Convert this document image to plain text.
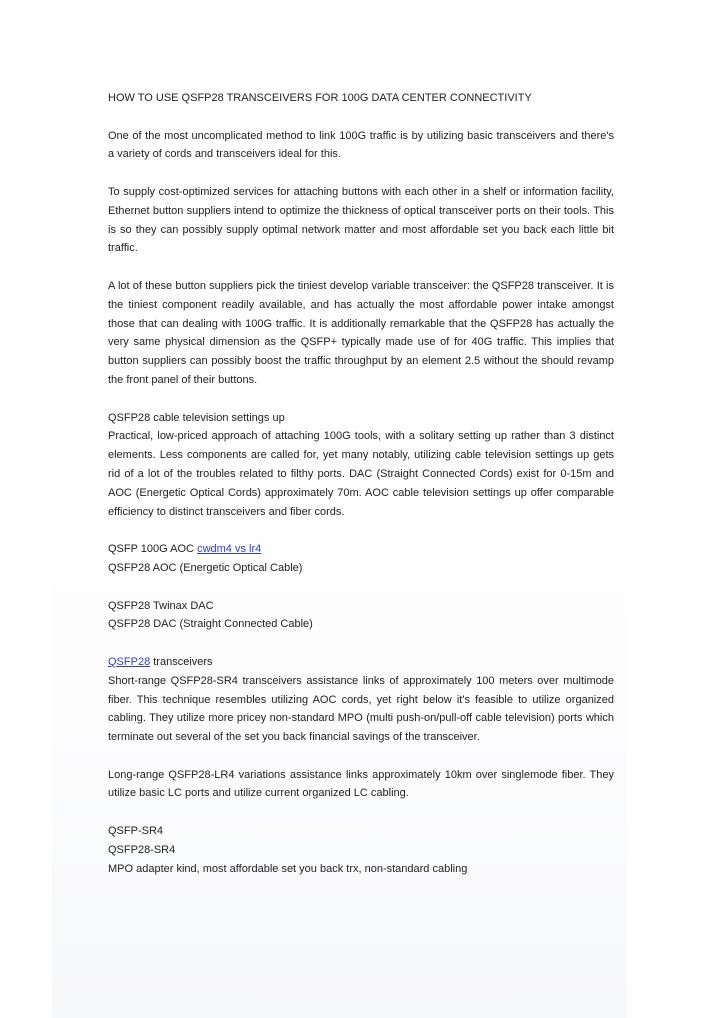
HOW TO USE QSFP28 TRANSCEIVERS FOR 100G DATA CENTER CONNECTIVITY

One of the most uncomplicated method to link 100G traffic is by utilizing basic transceivers and there's a variety of cords and transceivers ideal for this.

To supply cost-optimized services for attaching buttons with each other in a shelf or information facility, Ethernet button suppliers intend to optimize the thickness of optical transceiver ports on their tools. This is so they can possibly supply optimal network matter and most affordable set you back each little bit traffic.

A lot of these button suppliers pick the tiniest develop variable transceiver: the QSFP28 transceiver. It is the tiniest component readily available, and has actually the most affordable power intake amongst those that can dealing with 100G traffic. It is additionally remarkable that the QSFP28 has actually the very same physical dimension as the QSFP+ typically made use of for 40G traffic. This implies that button suppliers can possibly boost the traffic throughput by an element 2.5 without the should revamp the front panel of their buttons.

QSFP28 cable television settings up
Practical, low-priced approach of attaching 100G tools, with a solitary setting up rather than 3 distinct elements. Less components are called for, yet many notably, utilizing cable television settings up gets rid of a lot of the troubles related to filthy ports. DAC (Straight Connected Cords) exist for 0-15m and AOC (Energetic Optical Cords) approximately 70m. AOC cable television settings up offer comparable efficiency to distinct transceivers and fiber cords.
QSFP 100G AOC cwdm4 vs lr4
QSFP28 AOC (Energetic Optical Cable)
QSFP28 Twinax DAC
QSFP28 DAC (Straight Connected Cable)
QSFP28 transceivers
Short-range QSFP28-SR4 transceivers assistance links of approximately 100 meters over multimode fiber. This technique resembles utilizing AOC cords, yet right below it's feasible to utilize organized cabling. They utilize more pricey non-standard MPO (multi push-on/pull-off cable television) ports which terminate out several of the set you back financial savings of the transceiver.

Long-range QSFP28-LR4 variations assistance links approximately 10km over singlemode fiber. They utilize basic LC ports and utilize current organized LC cabling.

QSFP-SR4
QSFP28-SR4
MPO adapter kind, most affordable set you back trx, non-standard cabling
